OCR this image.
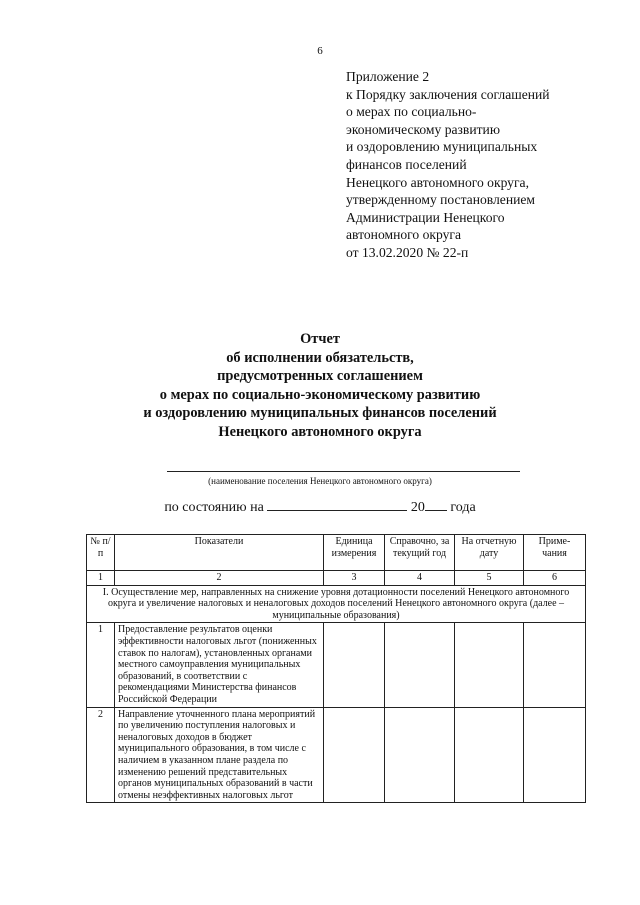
6
Приложение 2
к Порядку заключения соглашений
о мерах по социально-
экономическому развитию
и оздоровлению муниципальных
финансов поселений
Ненецкого автономного округа,
утвержденному постановлением
Администрации Ненецкого
автономного округа
от 13.02.2020 № 22-п
Отчет
об исполнении обязательств,
предусмотренных соглашением
о мерах по социально-экономическому развитию
и оздоровлению муниципальных финансов поселений
Ненецкого автономного округа
(наименование поселения Ненецкого автономного округа)
по состоянию на	20 года
№ п/п	Показатели	Единица измерения	Справочно, за текущий год	На отчетную дату	Приме-чания
1	2	3	4	5	6
I. Осуществление мер, направленных на снижение уровня дотационности поселений Ненецкого автономного округа и увеличение налоговых и неналоговых доходов поселений Ненецкого автономного округа (далее – муниципальные образования)					
1	Предоставление результатов оценки эффективности налоговых льгот (пониженных ставок по налогам), установленных органами местного самоуправления муниципальных образований, в соответствии с рекомендациями Министерства финансов Российской Федерации				
2	Направление уточненного плана мероприятий по увеличению поступления налоговых и неналоговых доходов в бюджет муниципального образования, в том числе с наличием в указанном плане раздела по изменению решений представительных органов муниципальных образований в части отмены неэффективных налоговых льгот				
